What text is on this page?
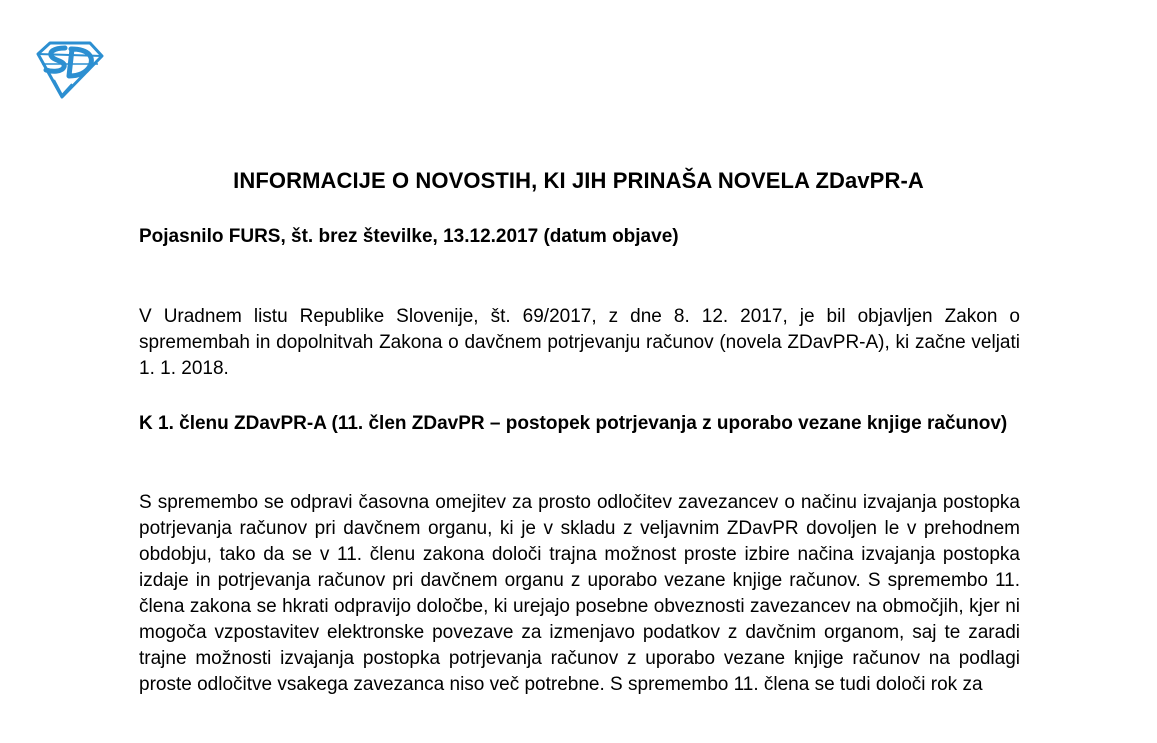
INFORMACIJE O NOVOSTIH, KI JIH PRINAŠA NOVELA ZDavPR-A
Pojasnilo FURS, št. brez številke, 13.12.2017 (datum objave)

V Uradnem listu Republike Slovenije, št. 69/2017, z dne 8. 12. 2017, je bil objavljen Zakon o spremembah in dopolnitvah Zakona o davčnem potrjevanju računov (novela ZDavPR-A), ki začne veljati 1. 1. 2018.

K 1. členu ZDavPR-A (11. člen ZDavPR – postopek potrjevanja z uporabo vezane knjige računov)

S spremembo se odpravi časovna omejitev za prosto odločitev zavezancev o načinu izvajanja postopka potrjevanja računov pri davčnem organu, ki je v skladu z veljavnim ZDavPR dovoljen le v prehodnem obdobju, tako da se v 11. členu zakona določi trajna možnost proste izbire načina izvajanja postopka izdaje in potrjevanja računov pri davčnem organu z uporabo vezane knjige računov. S spremembo 11. člena zakona se hkrati odpravijo določbe, ki urejajo posebne obveznosti zavezancev na območjih, kjer ni mogoča vzpostavitev elektronske povezave za izmenjavo podatkov z davčnim organom, saj te zaradi trajne možnosti izvajanja postopka potrjevanja računov z uporabo vezane knjige računov na podlagi proste odločitve vsakega zavezanca niso več potrebne. S spremembo 11. člena se tudi določi rok za
